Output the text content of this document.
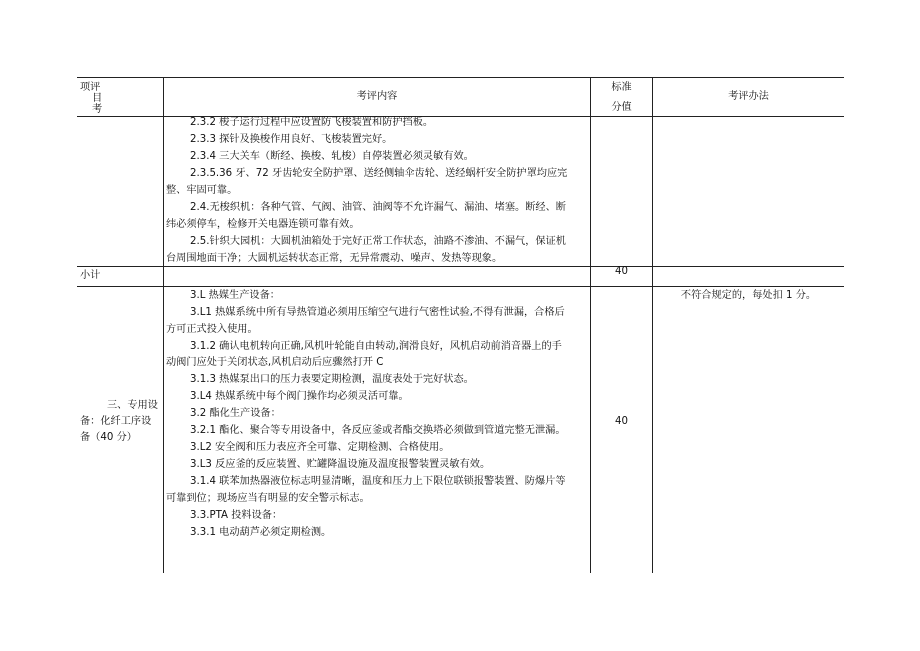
项评
目
考
考评内容
标准
分值
考评办法
2.3.2 梭子运行过程中应设置防飞梭装置和防护挡板。
2.3.3 探针及换梭作用良好、飞梭装置完好。
2.3.4 三大关车（断经、换梭、轧梭）自停装置必须灵敏有效。
2.3.5.36 牙、72 牙齿轮安全防护罩、送经侧轴伞齿轮、送经蜗杆安全防护罩均应完
整、牢固可靠。
2.4.无梭织机：各种气管、气阀、油管、油阀等不允许漏气、漏油、堵塞。断经、断
纬必须停车，检修开关电器连锁可靠有效。
2.5.针织大园机：大圆机油箱处于完好正常工作状态，油路不渗油、不漏气，保证机
台周围地面干净；大圆机运转状态正常，无异常震动、噪声、发热等现象。
小计	40
三、专用设
备：化纤工序设
备（40 分）
40
不符合规定的，每处扣 1 分。
3.L 热媒生产设备：
3.L1 热媒系统中所有导热管道必须用压缩空气进行气密性试验,不得有泄漏，合格后
方可正式投入使用。
3.1.2 确认电机转向正确,风机叶轮能自由转动,润滑良好，风机启动前消音器上的手
动阀门应处于关闭状态,风机启动后应骤然打开 C
3.1.3 热媒泵出口的压力表要定期检测，温度表处于完好状态。
3.L4 热媒系统中每个阀门操作均必须灵活可靠。
3.2 酯化生产设备：
3.2.1 酯化、聚合等专用设备中，各反应釜或者酯交换塔必须做到管道完整无泄漏。
3.L2 安全阀和压力表应齐全可靠、定期检测、合格使用。
3.L3 反应釜的反应装置、贮罐降温设施及温度报警装置灵敏有效。
3.1.4 联苯加热器液位标志明显清晰，温度和压力上下限位联锁报警装置、防爆片等
可靠到位；现场应当有明显的安全警示标志。
3.3.PTA 投料设备：
3.3.1 电动葫芦必须定期检测。
